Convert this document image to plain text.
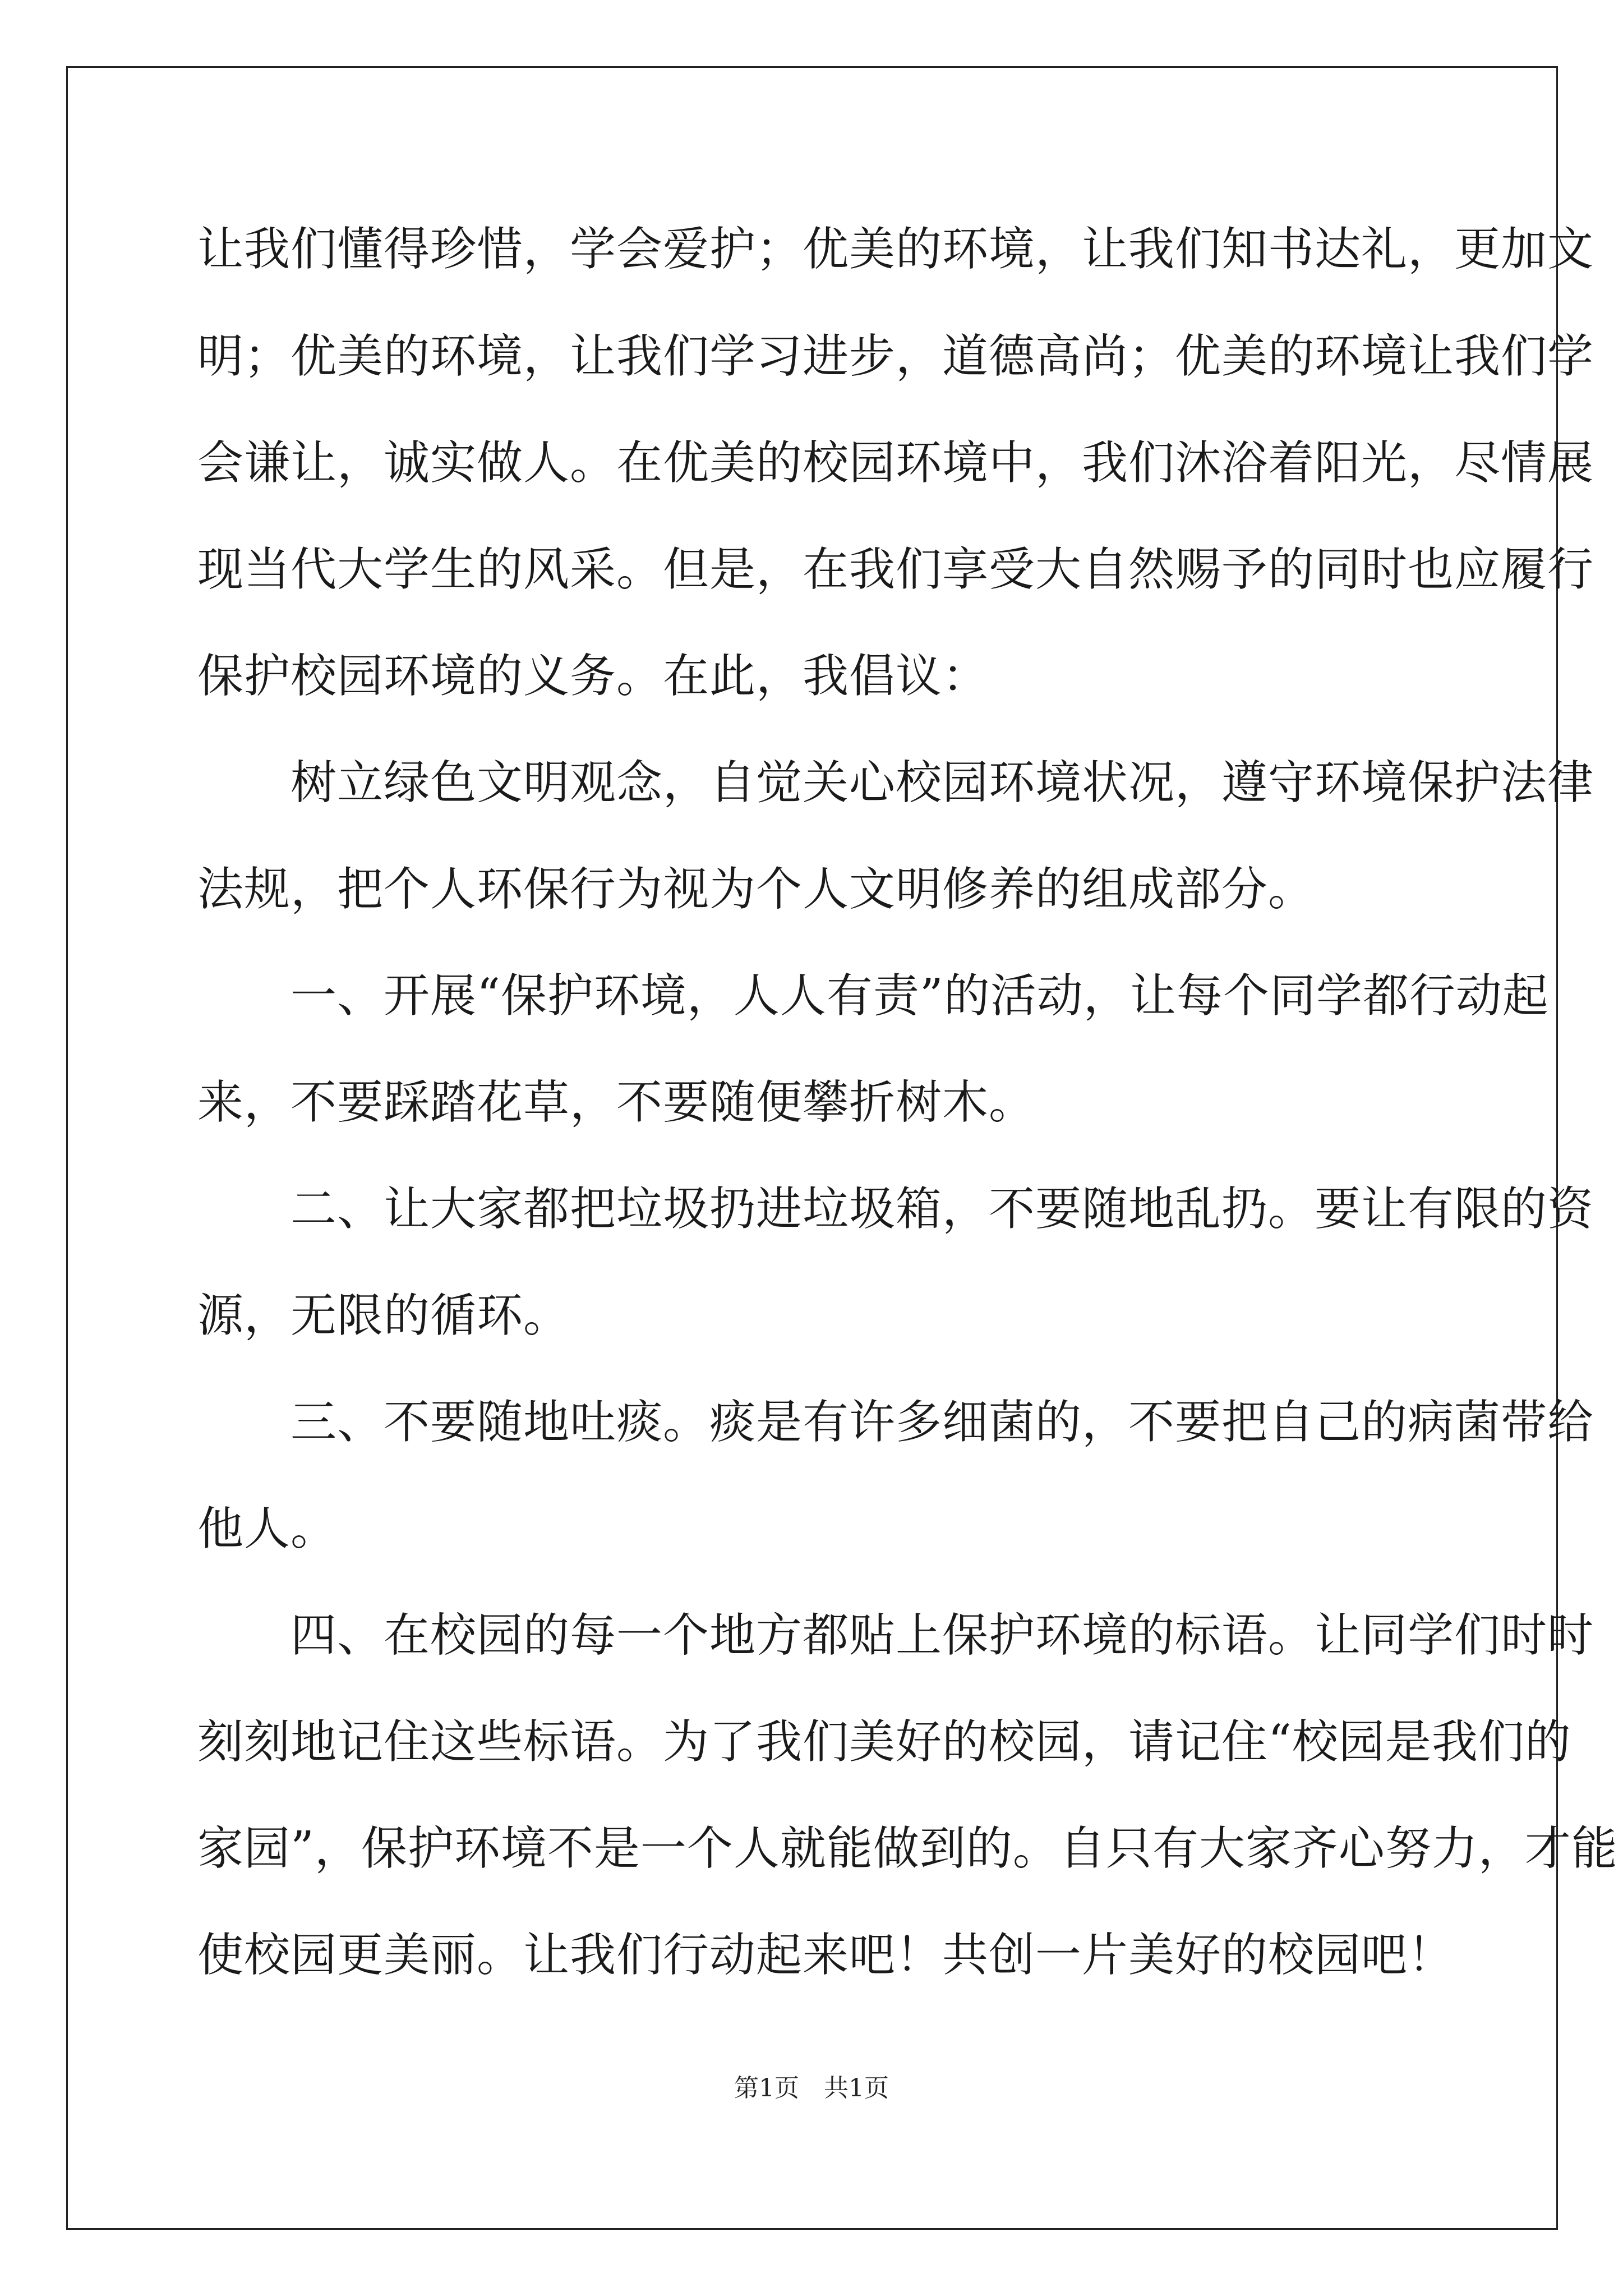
让我们懂得珍惜，学会爱护；优美的环境，让我们知书达礼，更加文
明；优美的环境，让我们学习进步，道德高尚；优美的环境让我们学
会谦让，诚实做人。在优美的校园环境中，我们沐浴着阳光，尽情展
现当代大学生的风采。但是，在我们享受大自然赐予的同时也应履行
保护校园环境的义务。在此，我倡议：
　　树立绿色文明观念，自觉关心校园环境状况，遵守环境保护法律
法规，把个人环保行为视为个人文明修养的组成部分。
　　一、开展“保护环境，人人有责”的活动，让每个同学都行动起
来，不要踩踏花草，不要随便攀折树木。
　　二、让大家都把垃圾扔进垃圾箱，不要随地乱扔。要让有限的资
源，无限的循环。
　　三、不要随地吐痰。痰是有许多细菌的，不要把自己的病菌带给
他人。
　　四、在校园的每一个地方都贴上保护环境的标语。让同学们时时
刻刻地记住这些标语。为了我们美好的校园，请记住“校园是我们的
家园”，保护环境不是一个人就能做到的。自只有大家齐心努力，才能
使校园更美丽。让我们行动起来吧！共创一片美好的校园吧！
第1页　共1页
